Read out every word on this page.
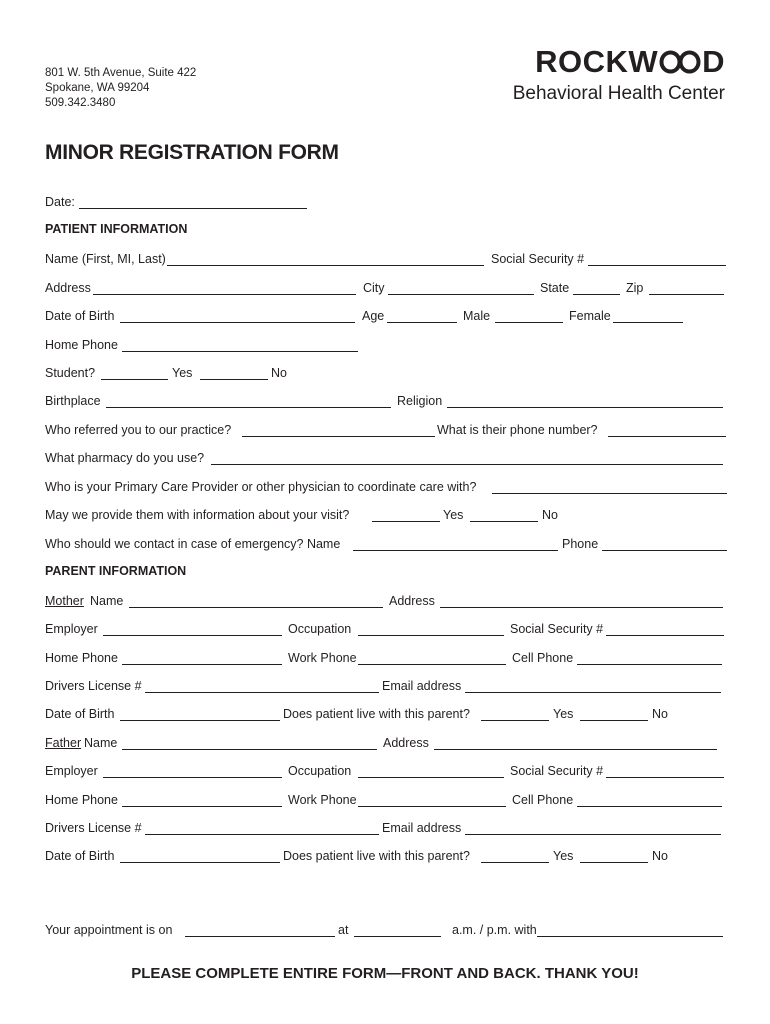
801 W. 5th Avenue, Suite 422
Spokane, WA 99204
509.342.3480
ROCKW D
Behavioral Health Center
MINOR REGISTRATION FORM
Date:
PATIENT INFORMATION
Name (First, MI, Last)	Social Security #
Address	City	State	Zip
Date of Birth	Age	Male	Female
Home Phone
Student?	Yes	No
Birthplace	Religion
Who referred you to our practice?	What is their phone number?
What pharmacy do you use?
Who is your Primary Care Provider or other physician to coordinate care with?
May we provide them with information about your visit?	Yes	No
Who should we contact in case of emergency? Name	Phone
PARENT INFORMATION
Mother Name	Address
Employer	Occupation	Social Security #
Home Phone	Work Phone	Cell Phone
Drivers License #	Email address
Date of Birth	Does patient live with this parent?	Yes	No
Father Name	Address
Employer	Occupation	Social Security #
Home Phone	Work Phone	Cell Phone
Drivers License #	Email address
Date of Birth	Does patient live with this parent?	Yes	No
Your appointment is on	at	a.m. / p.m. with
PLEASE COMPLETE ENTIRE FORM—FRONT AND BACK. THANK YOU!
